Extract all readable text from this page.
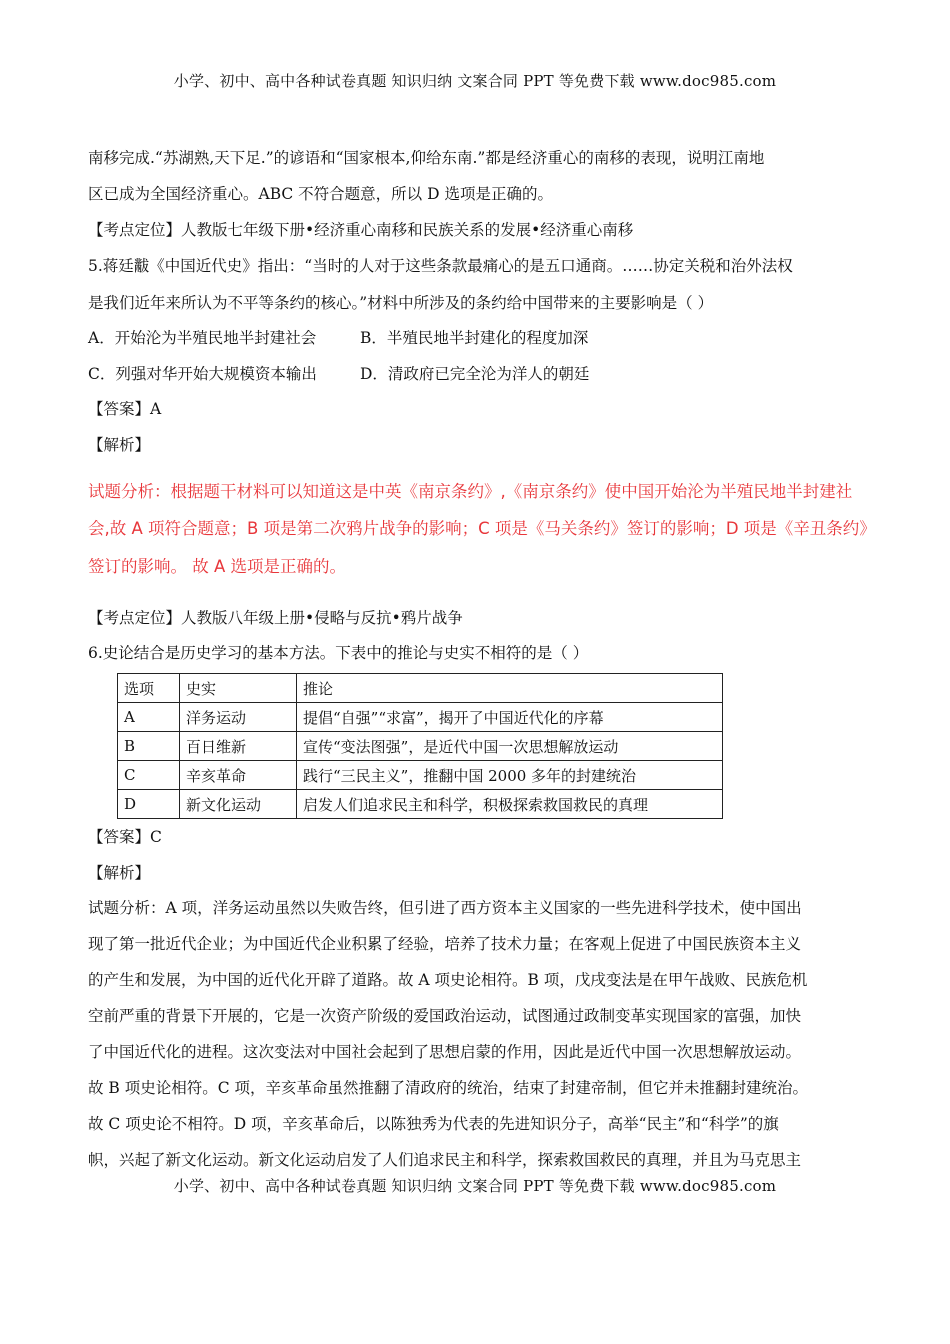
小学、初中、高中各种试卷真题 知识归纳 文案合同 PPT 等免费下载 www.doc985.com
南移完成.“苏湖熟,天下足.”的谚语和“国家根本,仰给东南.”都是经济重心的南移的表现，说明江南地
区已成为全国经济重心。ABC 不符合题意，所以 D 选项是正确的。
【考点定位】人教版七年级下册•经济重心南移和民族关系的发展•经济重心南移
5.蒋廷黻《中国近代史》指出：“当时的人对于这些条款最痛心的是五口通商。……协定关税和治外法权
是我们近年来所认为不平等条约的核心。”材料中所涉及的条约给中国带来的主要影响是（ ）
A．开始沦为半殖民地半封建社会	B．半殖民地半封建化的程度加深
C．列强对华开始大规模资本输出	D．清政府已完全沦为洋人的朝廷
【答案】A
【解析】
试题分析：根据题干材料可以知道这是中英《南京条约》,《南京条约》使中国开始沦为半殖民地半封建社
会,故 A 项符合题意；B 项是第二次鸦片战争的影响；C 项是《马关条约》签订的影响；D 项是《辛丑条约》
签订的影响。 故 A 选项是正确的。
【考点定位】人教版八年级上册•侵略与反抗•鸦片战争
6.史论结合是历史学习的基本方法。下表中的推论与史实不相符的是（ ）
选项	史实	推论
A	洋务运动	提倡“自强”“求富”，揭开了中国近代化的序幕
B	百日维新	宣传“变法图强”，是近代中国一次思想解放运动
C	辛亥革命	践行“三民主义”，推翻中国 2000 多年的封建统治
D	新文化运动	启发人们追求民主和科学，积极探索救国救民的真理
【答案】C
【解析】
试题分析：A 项，洋务运动虽然以失败告终，但引进了西方资本主义国家的一些先进科学技术，使中国出
现了第一批近代企业；为中国近代企业积累了经验，培养了技术力量；在客观上促进了中国民族资本主义
的产生和发展，为中国的近代化开辟了道路。故 A 项史论相符。B 项，戊戌变法是在甲午战败、民族危机
空前严重的背景下开展的，它是一次资产阶级的爱国政治运动，试图通过政制变革实现国家的富强，加快
了中国近代化的进程。这次变法对中国社会起到了思想启蒙的作用，因此是近代中国一次思想解放运动。
故 B 项史论相符。C 项，辛亥革命虽然推翻了清政府的统治，结束了封建帝制，但它并未推翻封建统治。
故 C 项史论不相符。D 项，辛亥革命后，以陈独秀为代表的先进知识分子，高举“民主”和“科学”的旗
帜，兴起了新文化运动。新文化运动启发了人们追求民主和科学，探索救国救民的真理，并且为马克思主
小学、初中、高中各种试卷真题 知识归纳 文案合同 PPT 等免费下载 www.doc985.com
